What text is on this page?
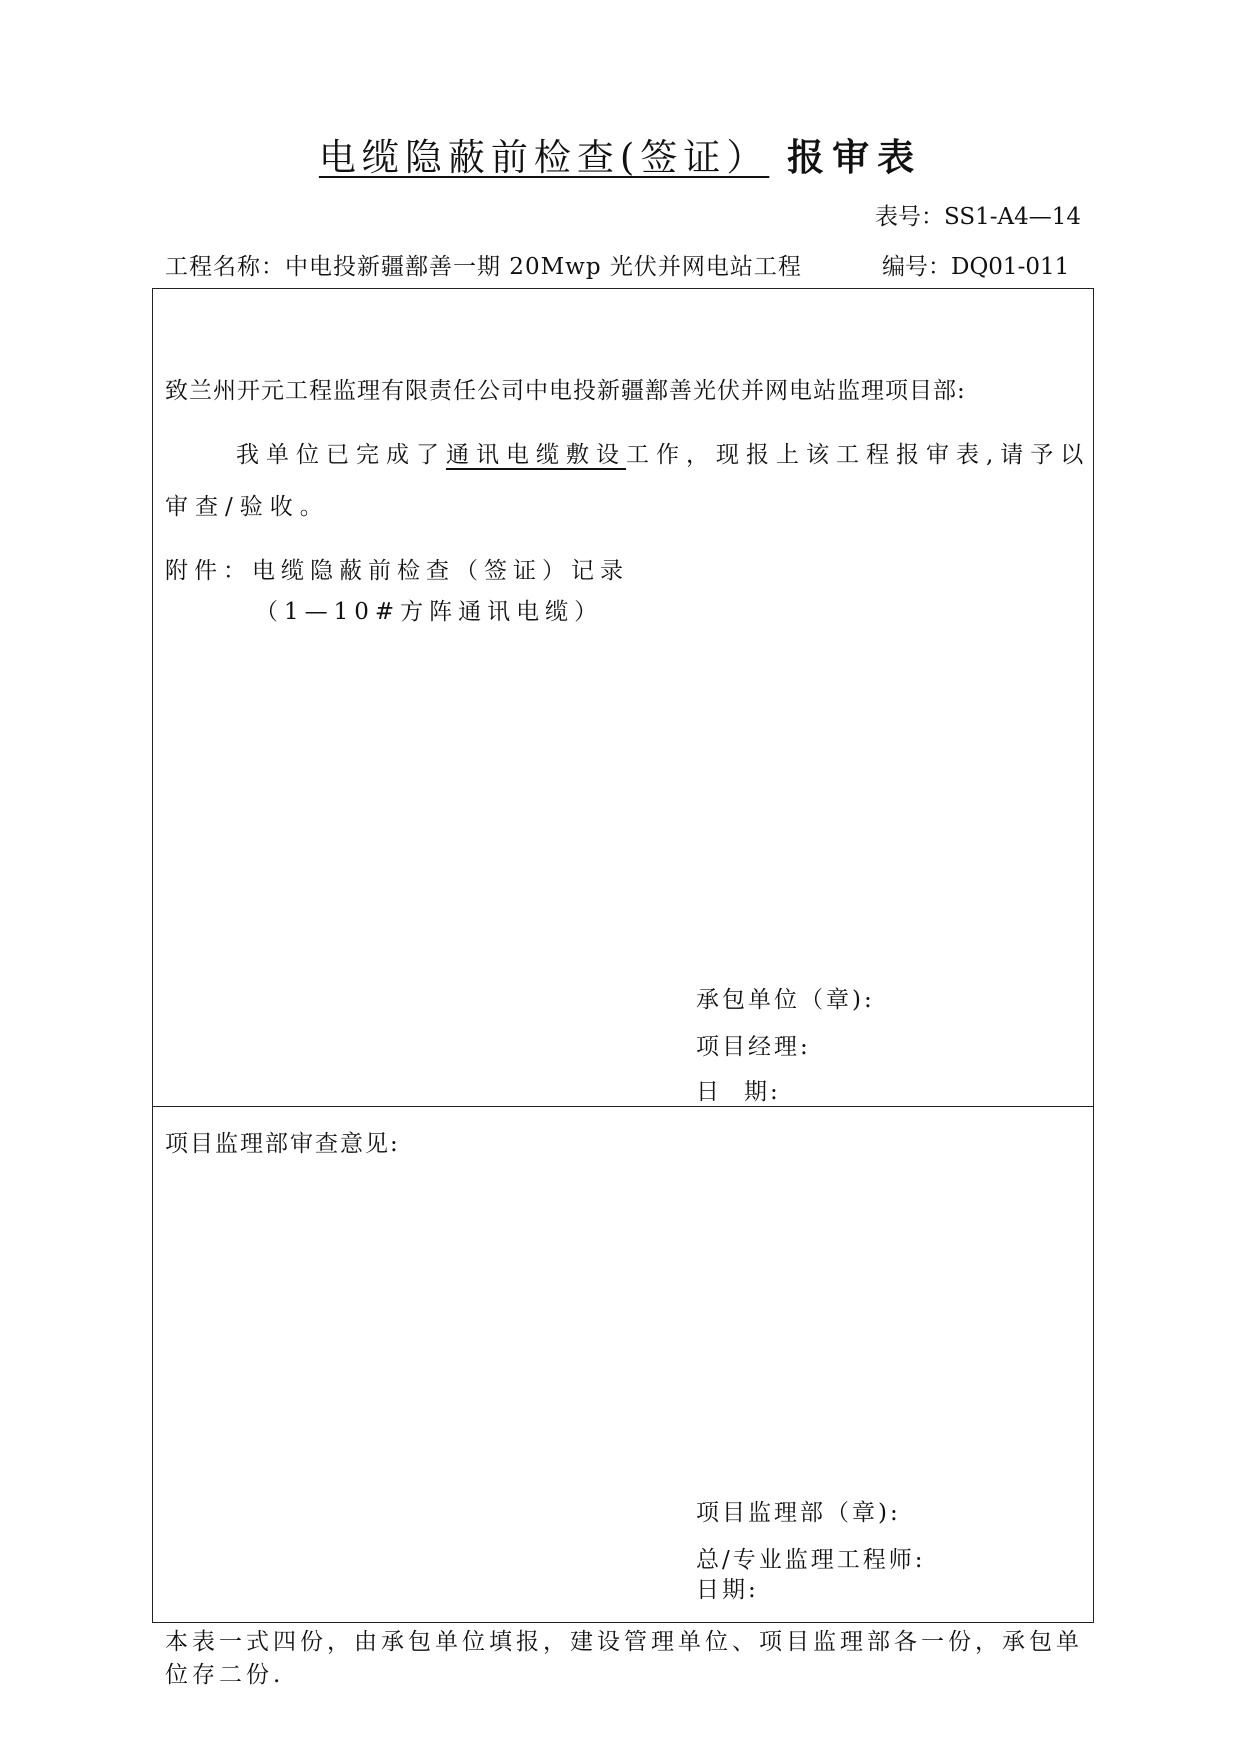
电缆隐蔽前检查(签证） 报审表
表号：SS1-A4—14
工程名称：中电投新疆鄯善一期 20Mwp 光伏并网电站工程	编号：DQ01-011
致兰州开元工程监理有限责任公司中电投新疆鄯善光伏并网电站监理项目部:
我单位已完成了通讯电缆敷设工作，现报上该工程报审表,请予以
审查/验收。
附件：电缆隐蔽前检查（签证）记录
（1—10#方阵通讯电缆）
承包单位（章):
项目经理:
日 期:
项目监理部审查意见:
项目监理部（章):
总/专业监理工程师:
日期:
本表一式四份，由承包单位填报，建设管理单位、项目监理部各一份，承包单位存二份.
